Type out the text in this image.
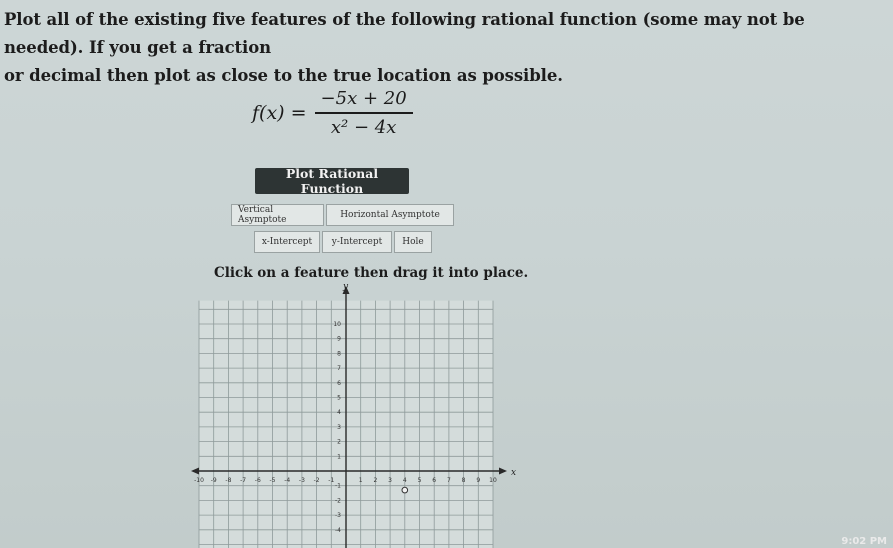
Plot all of the existing five features of the following rational function (some may not be needed). If you get a fraction
or decimal then plot as close to the true location as possible.

$f(x) = \frac{-5x + 20}{\text{x² − 4x}}$
Plot Rational Function
Vertical Asymptote	Horizontal Asymptote
x-Intercept	y-Intercept	Hole
Click on a feature then drag it into place.
x
y
-10 -9 -8 -7 -6 -5 -4 -3 -2 -1	1 2 3 4 5 6 7 8 9 10
10
9
8
7
6
5
4
3
2
1
-1
-2
-3
-4
9:02 PM
